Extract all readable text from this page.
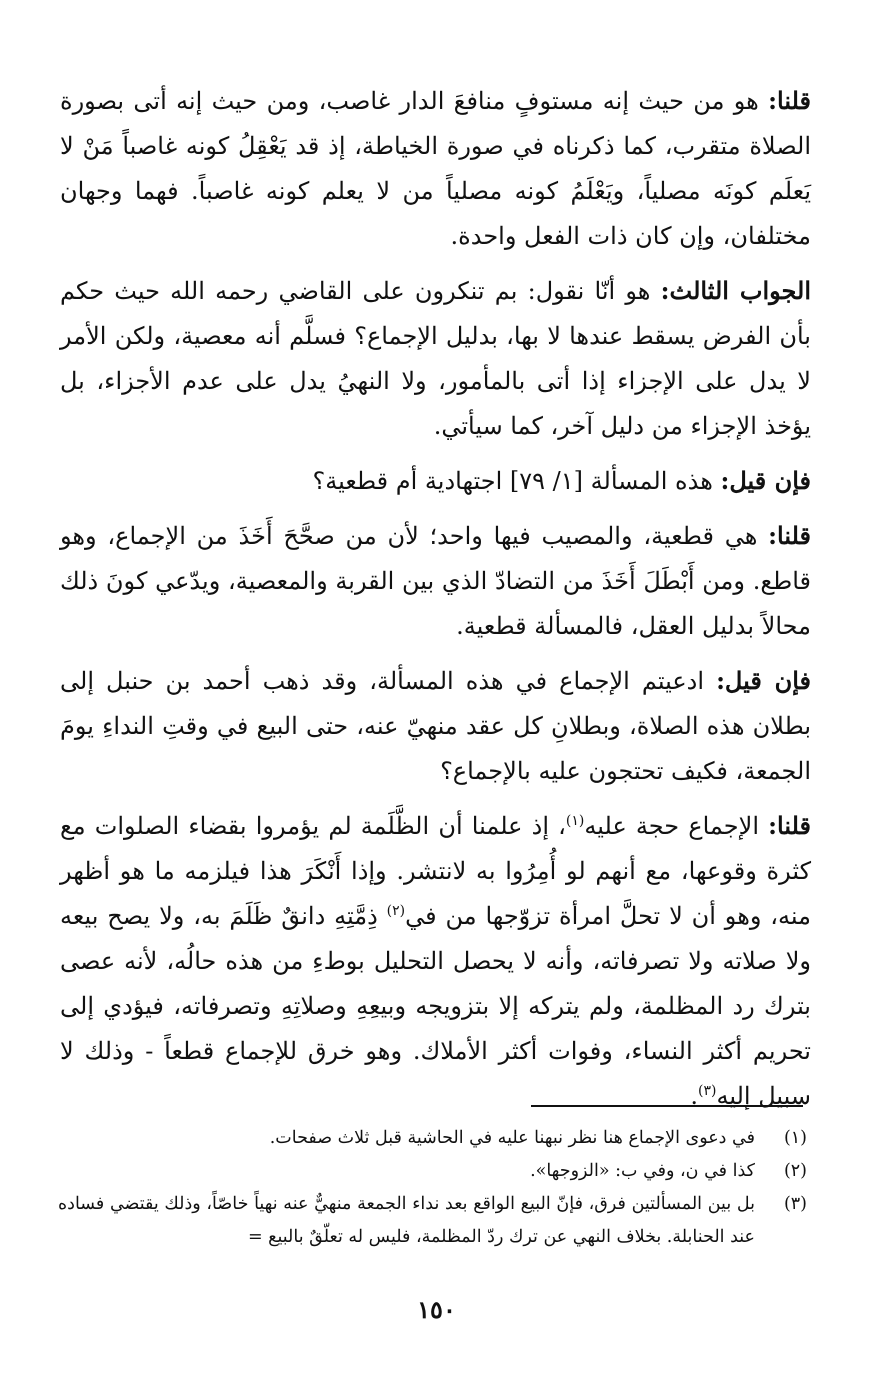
قلنا: هو من حيث إنه مستوفٍ منافعَ الدار غاصب، ومن حيث إنه أتى بصورة الصلاة متقرب، كما ذكرناه في صورة الخياطة، إذ قد يَعْقِلُ كونه غاصباً مَنْ لا يَعلَم كونَه مصلياً، ويَعْلَمُ كونه مصلياً من لا يعلم كونه غاصباً. فهما وجهان مختلفان، وإن كان ذات الفعل واحدة.

الجواب الثالث: هو أنّا نقول: بم تنكرون على القاضي رحمه الله حيث حكم بأن الفرض يسقط عندها لا بها، بدليل الإجماع؟ فسلَّم أنه معصية، ولكن الأمر لا يدل على الإجزاء إذا أتى بالمأمور، ولا النهيُ يدل على عدم الأجزاء، بل يؤخذ الإجزاء من دليل آخر، كما سيأتي.

فإن قيل: هذه المسألة [١/ ٧٩] اجتهادية أم قطعية؟

قلنا: هي قطعية، والمصيب فيها واحد؛ لأن من صحَّحَ أَخَذَ من الإجماع، وهو قاطع. ومن أَبْطَلَ أَخَذَ من التضادّ الذي بين القربة والمعصية، ويدّعي كونَ ذلك محالاً بدليل العقل، فالمسألة قطعية.

فإن قيل: ادعيتم الإجماع في هذه المسألة، وقد ذهب أحمد بن حنبل إلى بطلان هذه الصلاة، وبطلانِ كل عقد منهيّ عنه، حتى البيع في وقتِ النداءِ يومَ الجمعة، فكيف تحتجون عليه بالإجماع؟

قلنا: الإجماع حجة عليه$^{(١)}$، إذ علمنا أن الظَّلَمة لم يؤمروا بقضاء الصلوات مع كثرة وقوعها، مع أنهم لو أُمِرُوا به لانتشر. وإذا أَنْكَرَ هذا فيلزمه ما هو أظهر منه، وهو أن لا تحلَّ امرأة تزوّجها من في$^{(٢)}$ ذِمَّتِهِ دانقٌ ظَلَمَ به، ولا يصح بيعه ولا صلاته ولا تصرفاته، وأنه لا يحصل التحليل بوطءِ من هذه حالُه، لأنه عصى بترك رد المظلمة، ولم يتركه إلا بتزويجه وبيعِهِ وصلاتِهِ وتصرفاته، فيؤدي إلى تحريم أكثر النساء، وفوات أكثر الأملاك. وهو خرق للإجماع قطعاً - وذلك لا سبيل إليه$^{(٣)}$.

(١)
في دعوى الإجماع هنا نظر نبهنا عليه في الحاشية قبل ثلاث صفحات.
(٢)
كذا في ن، وفي ب: «الزوجها».
(٣)
بل بين المسألتين فرق، فإنّ البيع الواقع بعد نداء الجمعة منهيٌّ عنه نهياً خاصّاً، وذلك يقتضي فساده عند الحنابلة. بخلاف النهي عن ترك ردّ المظلمة، فليس له تعلّقٌ بالبيع =
١٥٠
